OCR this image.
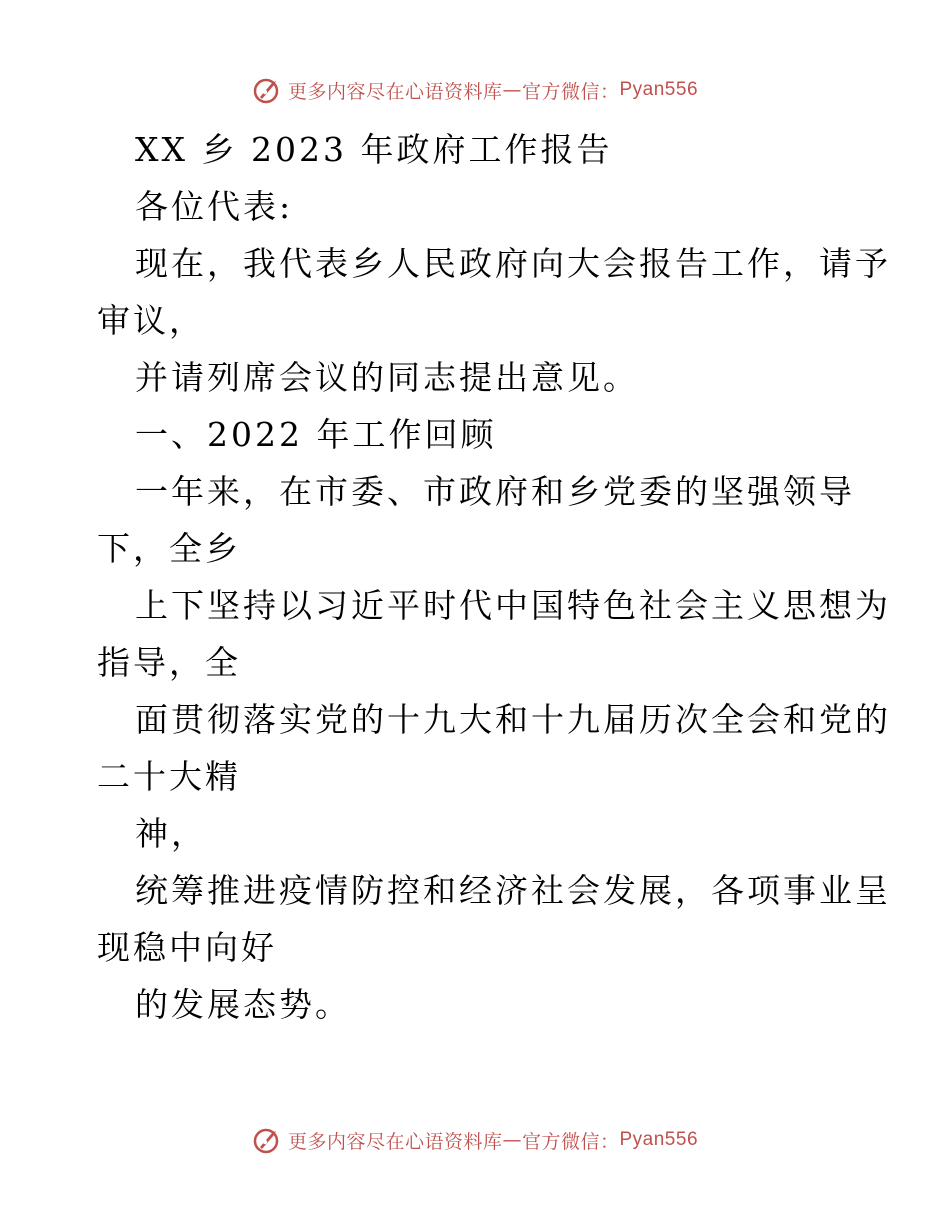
更多内容尽在心语资料库 — 官方微信： Pyan556
XX 乡 2023 年政府工作报告
各位代表:
现在，我代表乡人民政府向大会报告工作，请予
审议，
并请列席会议的同志提出意见。
一、2022 年工作回顾
一年来，在市委、市政府和乡党委的坚强领导
下，全乡
上下坚持以习近平时代中国特色社会主义思想为
指导，全
面贯彻落实党的十九大和十九届历次全会和党的
二十大精
神，
统筹推进疫情防控和经济社会发展，各项事业呈
现稳中向好
的发展态势。
更多内容尽在心语资料库 — 官方微信： Pyan556
